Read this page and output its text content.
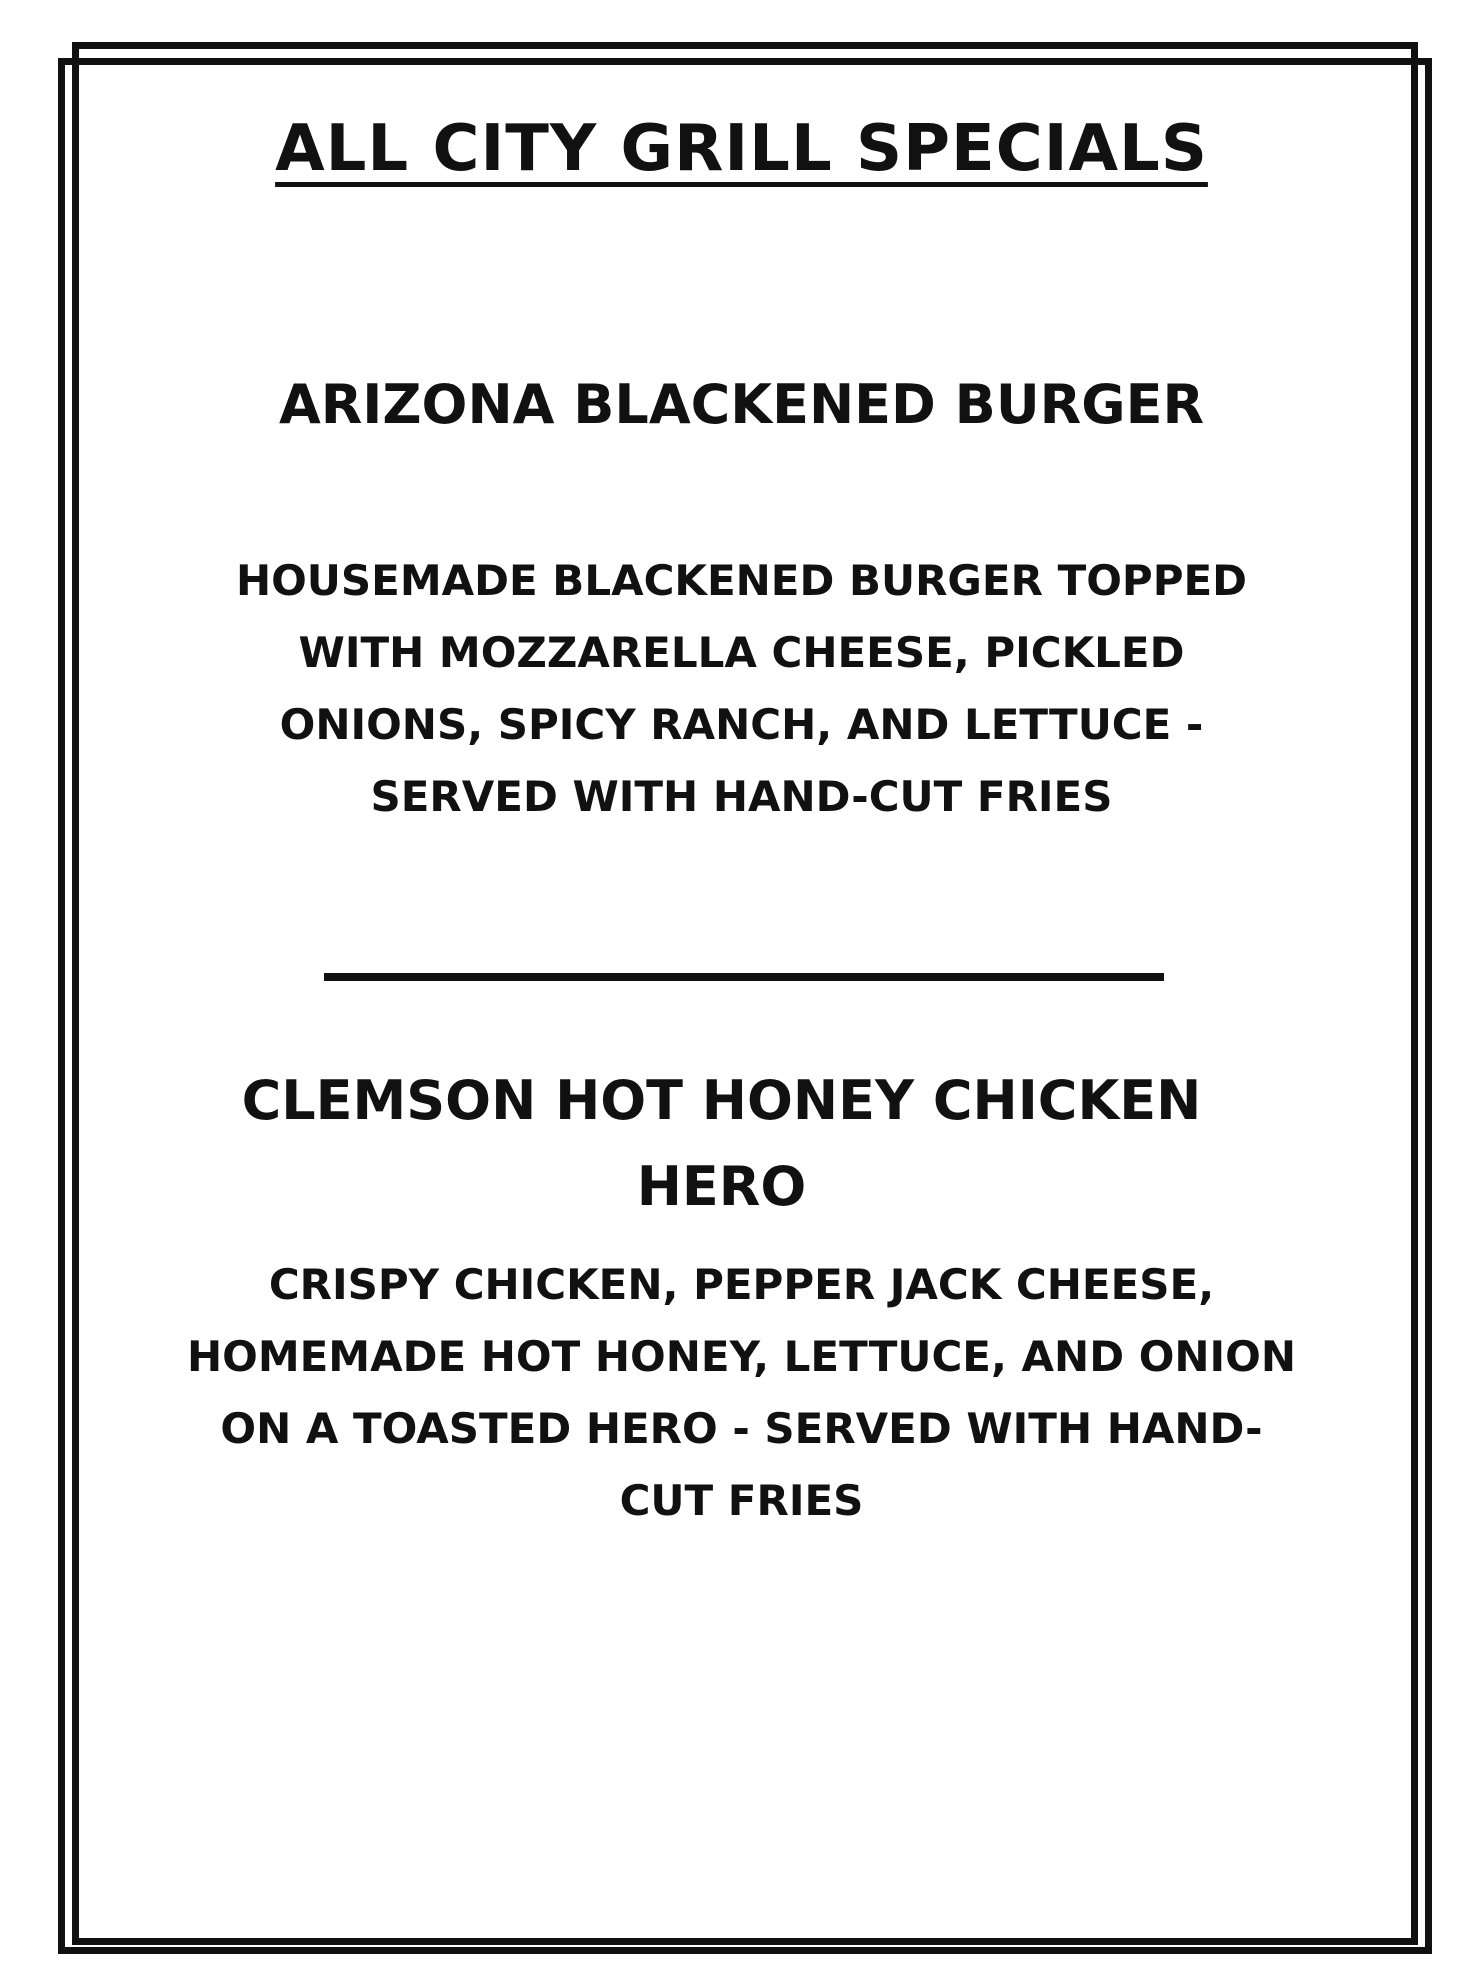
ALL CITY GRILL SPECIALS
ARIZONA BLACKENED BURGER
HOUSEMADE BLACKENED BURGER TOPPED WITH MOZZARELLA CHEESE, PICKLED ONIONS, SPICY RANCH, AND LETTUCE - SERVED WITH HAND-CUT FRIES
CLEMSON HOT HONEY CHICKEN HERO
CRISPY CHICKEN, PEPPER JACK CHEESE, HOMEMADE HOT HONEY, LETTUCE, AND ONION ON A TOASTED HERO - SERVED WITH HAND-CUT FRIES
